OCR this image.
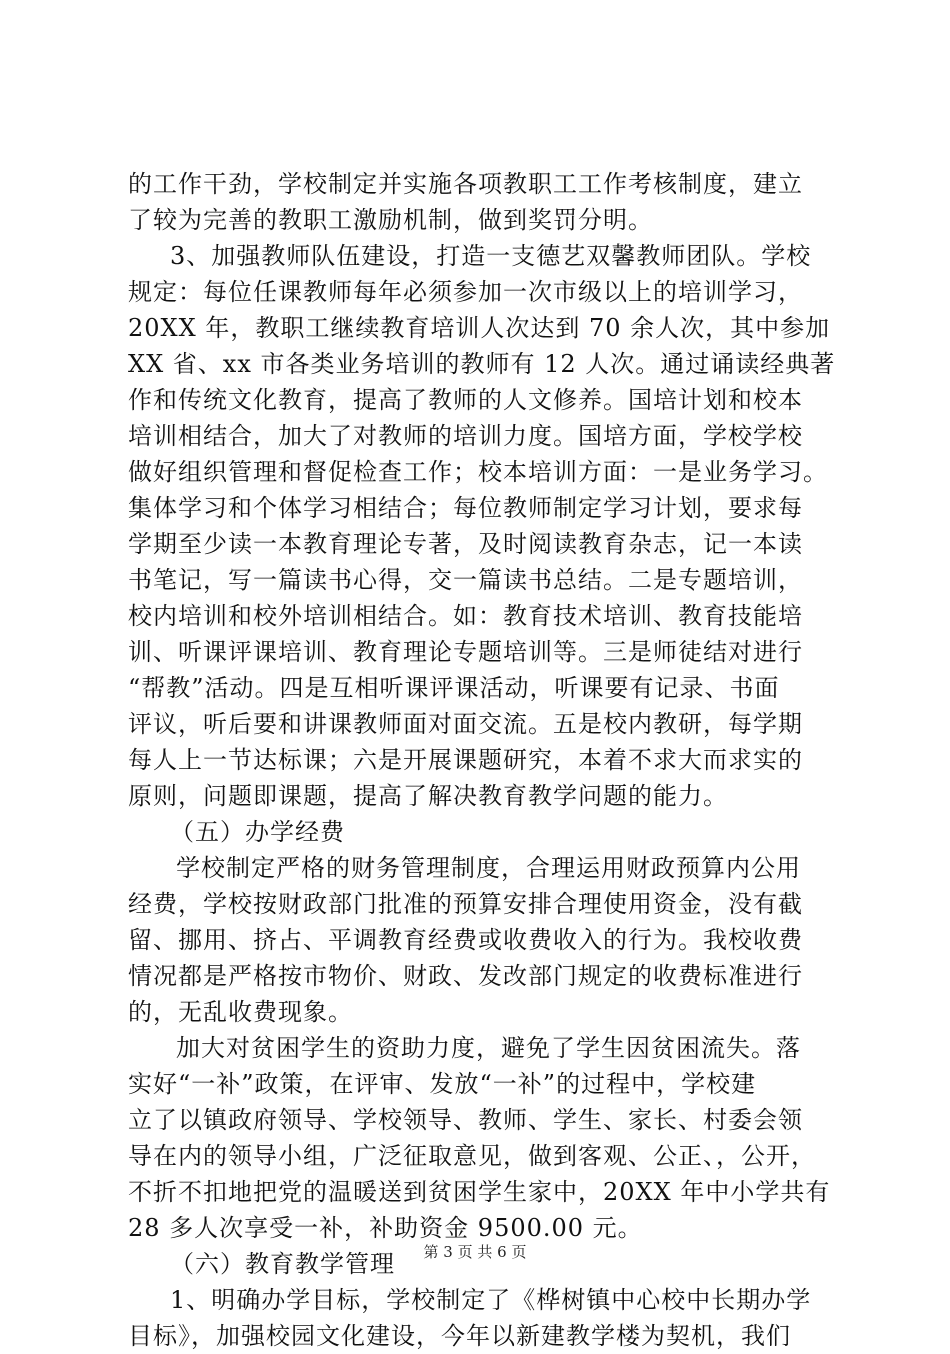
的工作干劲，学校制定并实施各项教职工工作考核制度，建立
了较为完善的教职工激励机制，做到奖罚分明。
3、加强教师队伍建设，打造一支德艺双馨教师团队。学校
规定：每位任课教师每年必须参加一次市级以上的培训学习，
20XX 年，教职工继续教育培训人次达到 70 余人次，其中参加
XX 省、xx 市各类业务培训的教师有 12 人次。通过诵读经典著
作和传统文化教育，提高了教师的人文修养。国培计划和校本
培训相结合，加大了对教师的培训力度。国培方面，学校学校
做好组织管理和督促检查工作；校本培训方面：一是业务学习。
集体学习和个体学习相结合；每位教师制定学习计划，要求每
学期至少读一本教育理论专著，及时阅读教育杂志，记一本读
书笔记，写一篇读书心得，交一篇读书总结。二是专题培训，
校内培训和校外培训相结合。如：教育技术培训、教育技能培
训、听课评课培训、教育理论专题培训等。三是师徒结对进行
“帮教”活动。四是互相听课评课活动，听课要有记录、书面
评议，听后要和讲课教师面对面交流。五是校内教研，每学期
每人上一节达标课；六是开展课题研究，本着不求大而求实的
原则，问题即课题，提高了解决教育教学问题的能力。
（五）办学经费
学校制定严格的财务管理制度，合理运用财政预算内公用
经费，学校按财政部门批准的预算安排合理使用资金，没有截
留、挪用、挤占、平调教育经费或收费收入的行为。我校收费
情况都是严格按市物价、财政、发改部门规定的收费标准进行
的，无乱收费现象。
加大对贫困学生的资助力度，避免了学生因贫困流失。落
实好“一补”政策，在评审、发放“一补”的过程中，学校建
立了以镇政府领导、学校领导、教师、学生、家长、村委会领
导在内的领导小组，广泛征取意见，做到客观、公正、，公开，
不折不扣地把党的温暖送到贫困学生家中，20XX 年中小学共有
28 多人次享受一补，补助资金 9500.00 元。
（六）教育教学管理
1、明确办学目标，学校制定了《桦树镇中心校中长期办学
目标》，加强校园文化建设，今年以新建教学楼为契机，我们
第 3 页 共 6 页
